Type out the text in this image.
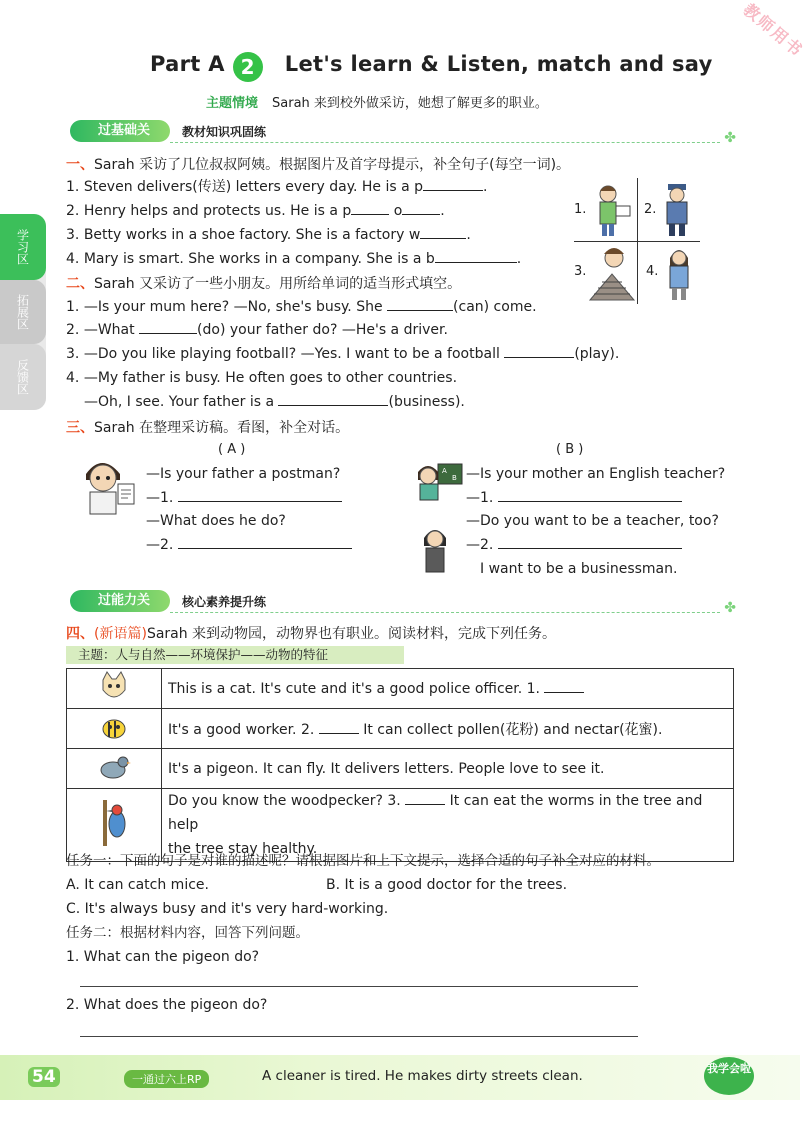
教师用书
Part A 2 Let's learn & Listen, match and say
主题情境 Sarah 来到校外做采访，她想了解更多的职业。
学习区
拓展区
反馈区
过基础关	教材知识巩固练	✤
一、Sarah 采访了几位叔叔阿姨。根据图片及首字母提示，补全句子(每空一词)。
1. Steven delivers(传送) letters every day. He is a p	.
2. Henry helps and protects us. He is a p	o	.
3. Betty works in a shoe factory. She is a factory w	.
4. Mary is smart. She works in a company. She is a b	.
1.	2.
3.	4.
二、Sarah 又采访了一些小朋友。用所给单词的适当形式填空。
1. —Is your mum here? —No, she's busy. She	(can) come.
2. —What	(do) your father do? —He's a driver.
3. —Do you like playing football? —Yes. I want to be a football	(play).
4. —My father is busy. He often goes to other countries.
—Oh, I see. Your father is a	(business).
三、Sarah 在整理采访稿。看图，补全对话。
( A )	( B )
—Is your father a postman?
—1.
—What does he do?
—2.
A
B —Is your mother an English teacher?
—1.
—Do you want to be a teacher, too?
—2.
I want to be a businessman.
过能力关	核心素养提升练	✤
四、(新语篇)Sarah 来到动物园，动物界也有职业。阅读材料，完成下列任务。
主题：人与自然——环境保护——动物的特征
	This is a cat. It's cute and it's a good police officer. 1.
	It's a good worker. 2. It can collect pollen(花粉) and nectar(花蜜).
	It's a pigeon. It can fly. It delivers letters. People love to see it.
	Do you know the woodpecker? 3. It can eat the worms in the tree and help
the tree stay healthy.
任务一：下面的句子是对谁的描述呢？请根据图片和上下文提示，选择合适的句子补全对应的材料。
A. It can catch mice.	B. It is a good doctor for the trees.
C. It's always busy and it's very hard-working.
任务二：根据材料内容，回答下列问题。
1. What can the pigeon do?
2. What does the pigeon do?
54	一通过六上RP	A cleaner is tired. He makes dirty streets clean.	我学会啦
